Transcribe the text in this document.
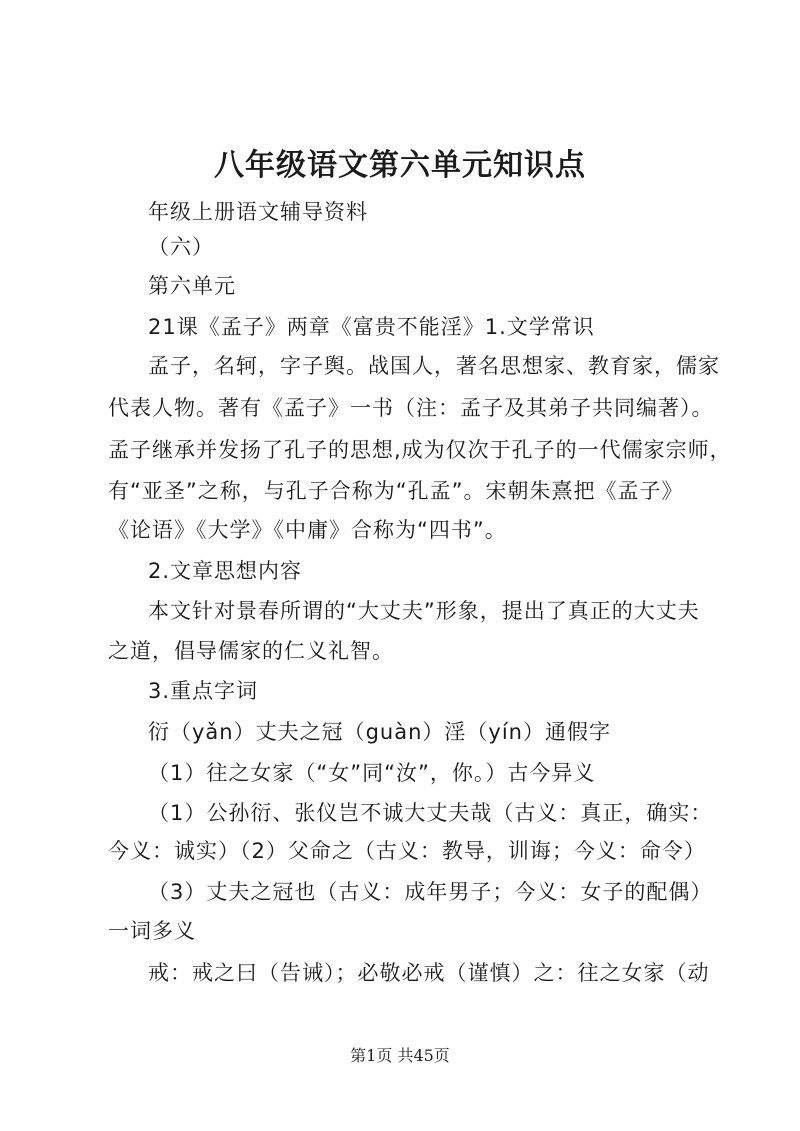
八年级语文第六单元知识点
年级上册语文辅导资料
（六）
第六单元
21课《孟子》两章《富贵不能淫》1.文学常识
孟子，名轲，字子舆。战国人，著名思想家、教育家，儒家
代表人物。著有《孟子》一书（注：孟子及其弟子共同编著）。
孟子继承并发扬了孔子的思想,成为仅次于孔子的一代儒家宗师，
有“亚圣”之称，与孔子合称为“孔孟”。宋朝朱熹把《孟子》
《论语》《大学》《中庸》合称为“四书”。
2.文章思想内容
本文针对景春所谓的“大丈夫”形象，提出了真正的大丈夫
之道，倡导儒家的仁义礼智。
3.重点字词
衍（yǎn）丈夫之冠（guàn）淫（yín）通假字
（1）往之女家（“女”同“汝”，你。）古今异义
（1）公孙衍、张仪岂不诚大丈夫哉（古义：真正，确实：
今义：诚实）（2）父命之（古义：教导，训诲；今义：命令）
（3）丈夫之冠也（古义：成年男子；今义：女子的配偶）
一词多义
戒：戒之曰（告诫）；必敬必戒（谨慎）之：往之女家（动
第1页 共45页
